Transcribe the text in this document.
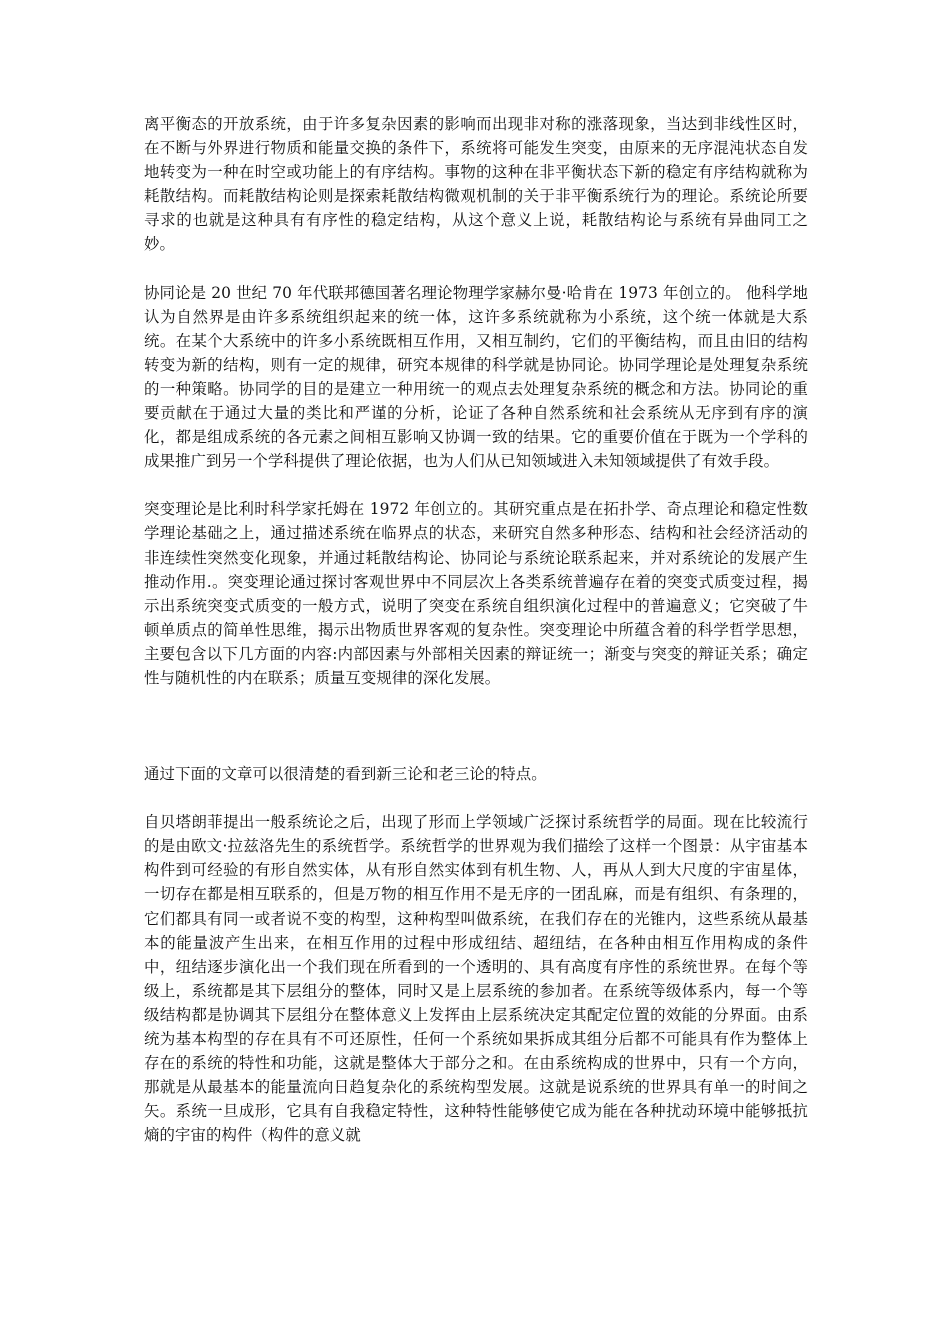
离平衡态的开放系统，由于许多复杂因素的影响而出现非对称的涨落现象，当达到非线性区时，在不断与外界进行物质和能量交换的条件下，系统将可能发生突变，由原来的无序混沌状态自发地转变为一种在时空或功能上的有序结构。事物的这种在非平衡状态下新的稳定有序结构就称为耗散结构。而耗散结构论则是探索耗散结构微观机制的关于非平衡系统行为的理论。系统论所要寻求的也就是这种具有有序性的稳定结构，从这个意义上说，耗散结构论与系统有异曲同工之妙。

协同论是 20 世纪 70 年代联邦德国著名理论物理学家赫尔曼·哈肯在 1973 年创立的。 他科学地认为自然界是由许多系统组织起来的统一体，这许多系统就称为小系统，这个统一体就是大系统。在某个大系统中的许多小系统既相互作用，又相互制约，它们的平衡结构，而且由旧的结构转变为新的结构，则有一定的规律，研究本规律的科学就是协同论。协同学理论是处理复杂系统的一种策略。协同学的目的是建立一种用统一的观点去处理复杂系统的概念和方法。协同论的重要贡献在于通过大量的类比和严谨的分析，论证了各种自然系统和社会系统从无序到有序的演化，都是组成系统的各元素之间相互影响又协调一致的结果。它的重要价值在于既为一个学科的成果推广到另一个学科提供了理论依据，也为人们从已知领域进入未知领域提供了有效手段。

突变理论是比利时科学家托姆在 1972 年创立的。其研究重点是在拓扑学、奇点理论和稳定性数学理论基础之上，通过描述系统在临界点的状态，来研究自然多种形态、结构和社会经济活动的非连续性突然变化现象，并通过耗散结构论、协同论与系统论联系起来，并对系统论的发展产生推动作用.。突变理论通过探讨客观世界中不同层次上各类系统普遍存在着的突变式质变过程，揭示出系统突变式质变的一般方式，说明了突变在系统自组织演化过程中的普遍意义；它突破了牛顿单质点的简单性思维，揭示出物质世界客观的复杂性。突变理论中所蕴含着的科学哲学思想，主要包含以下几方面的内容:内部因素与外部相关因素的辩证统一；渐变与突变的辩证关系；确定性与随机性的内在联系；质量互变规律的深化发展。

通过下面的文章可以很清楚的看到新三论和老三论的特点。

自贝塔朗菲提出一般系统论之后，出现了形而上学领域广泛探讨系统哲学的局面。现在比较流行的是由欧文·拉兹洛先生的系统哲学。系统哲学的世界观为我们描绘了这样一个图景：从宇宙基本构件到可经验的有形自然实体，从有形自然实体到有机生物、人，再从人到大尺度的宇宙星体，一切存在都是相互联系的，但是万物的相互作用不是无序的一团乱麻，而是有组织、有条理的，它们都具有同一或者说不变的构型，这种构型叫做系统，在我们存在的光锥内，这些系统从最基本的能量波产生出来，在相互作用的过程中形成纽结、超纽结，在各种由相互作用构成的条件中，纽结逐步演化出一个我们现在所看到的一个透明的、具有高度有序性的系统世界。在每个等级上，系统都是其下层组分的整体，同时又是上层系统的参加者。在系统等级体系内，每一个等级结构都是协调其下层组分在整体意义上发挥由上层系统决定其配定位置的效能的分界面。由系统为基本构型的存在具有不可还原性，任何一个系统如果拆成其组分后都不可能具有作为整体上存在的系统的特性和功能，这就是整体大于部分之和。在由系统构成的世界中，只有一个方向，那就是从最基本的能量流向日趋复杂化的系统构型发展。这就是说系统的世界具有单一的时间之矢。系统一旦成形，它具有自我稳定特性，这种特性能够使它成为能在各种扰动环境中能够抵抗熵的宇宙的构件（构件的意义就
